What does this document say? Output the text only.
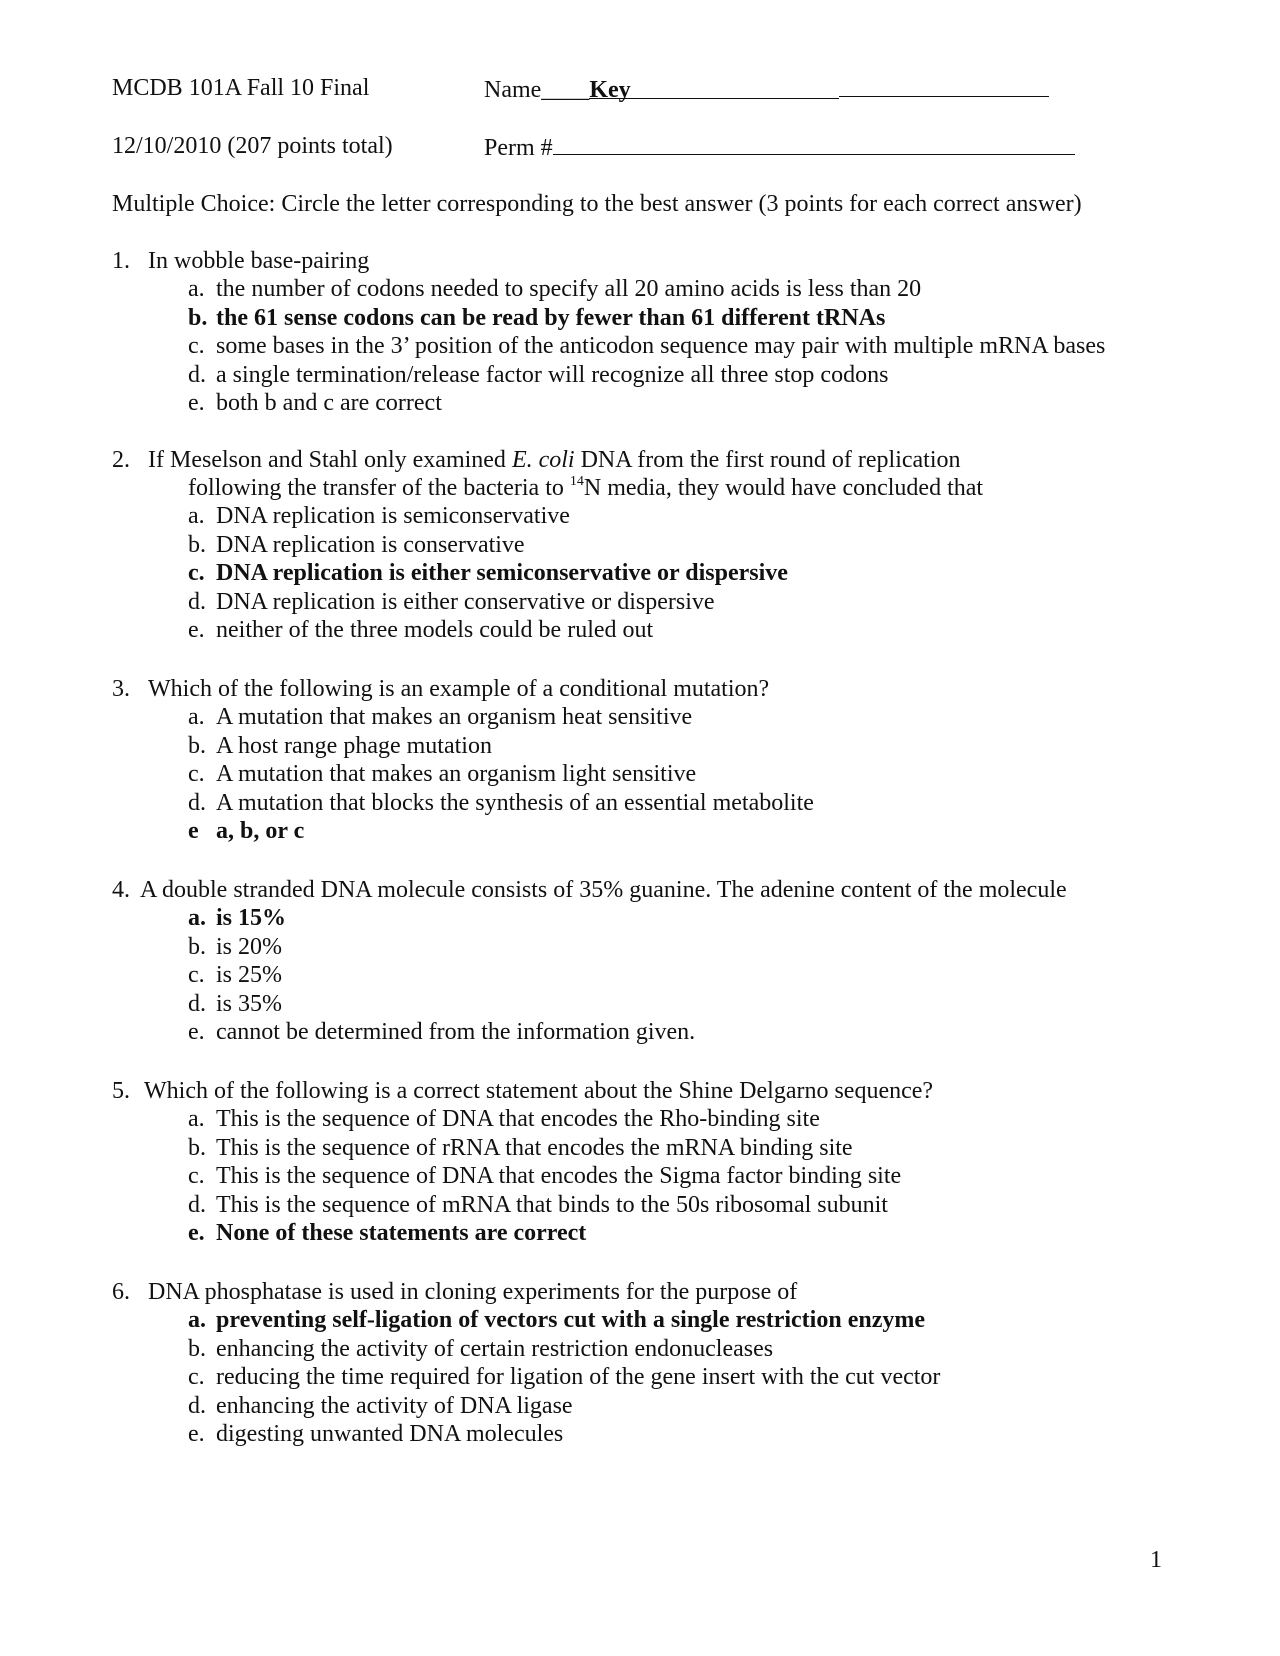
MCDB 101A Fall 10 Final	Name____Key
12/10/2010 (207 points total)	Perm #
Multiple Choice: Circle the letter corresponding to the best answer (3 points for each correct answer)
1. In wobble base-pairing
a. the number of codons needed to specify all 20 amino acids is less than 20
b. the 61 sense codons can be read by fewer than 61 different tRNAs
c. some bases in the 3’ position of the anticodon sequence may pair with multiple mRNA bases
d. a single termination/release factor will recognize all three stop codons
e. both b and c are correct
2. If Meselson and Stahl only examined E. coli DNA from the first round of replication
following the transfer of the bacteria to $^{14}$N media, they would have concluded that
a. DNA replication is semiconservative
b. DNA replication is conservative
c. DNA replication is either semiconservative or dispersive
d. DNA replication is either conservative or dispersive
e. neither of the three models could be ruled out
3. Which of the following is an example of a conditional mutation?
a. A mutation that makes an organism heat sensitive
b. A host range phage mutation
c. A mutation that makes an organism light sensitive
d. A mutation that blocks the synthesis of an essential metabolite
e a, b, or c
4. A double stranded DNA molecule consists of 35% guanine. The adenine content of the molecule
a. is 15%
b. is 20%
c. is 25%
d. is 35%
e. cannot be determined from the information given.
5. Which of the following is a correct statement about the Shine Delgarno sequence?
a. This is the sequence of DNA that encodes the Rho-binding site
b. This is the sequence of rRNA that encodes the mRNA binding site
c. This is the sequence of DNA that encodes the Sigma factor binding site
d. This is the sequence of mRNA that binds to the 50s ribosomal subunit
e. None of these statements are correct
6. DNA phosphatase is used in cloning experiments for the purpose of
a. preventing self-ligation of vectors cut with a single restriction enzyme
b. enhancing the activity of certain restriction endonucleases
c. reducing the time required for ligation of the gene insert with the cut vector
d. enhancing the activity of DNA ligase
e. digesting unwanted DNA molecules
1
